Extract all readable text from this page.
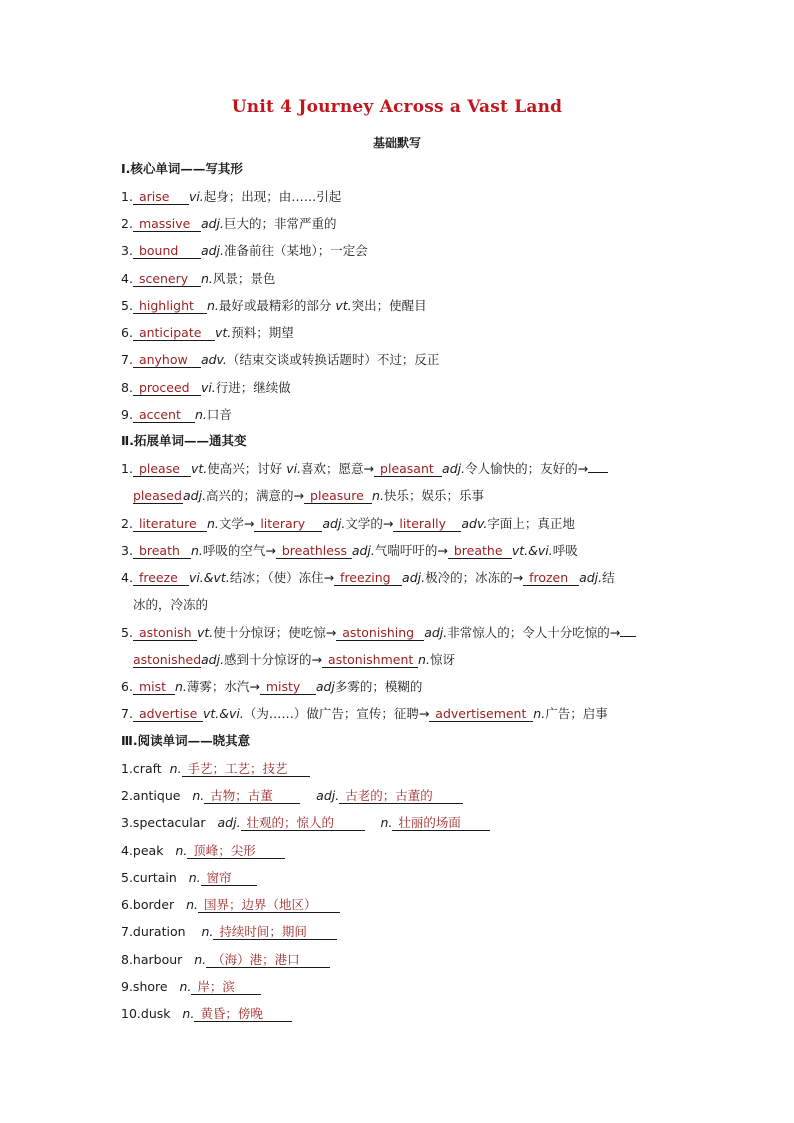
Unit 4 Journey Across a Vast Land
基础默写
Ⅰ.核心单词——写其形
1. arise vi.起身；出现；由……引起
2. massive adj.巨大的；非常严重的
3. bound adj.准备前往（某地）；一定会
4. scenery n.风景；景色
5. highlight n.最好或最精彩的部分 vt.突出；使醒目
6. anticipate vt.预料；期望
7. anyhow adv.（结束交谈或转换话题时）不过；反正
8. proceed vi.行进；继续做
9. accent n.口音
Ⅱ.拓展单词——通其变
1. please vt.使高兴；讨好 vi.喜欢；愿意→ pleasant adj.令人愉快的；友好的→
pleasedadj.高兴的；满意的→ pleasure n.快乐；娱乐；乐事
2. literature n.文学→ literary adj.文学的→ literally adv.字面上；真正地
3. breath n.呼吸的空气→ breathless adj.气喘吁吁的→ breathe vt.&vi.呼吸
4. freeze vi.&vt.结冰；（使）冻住→ freezing adj.极冷的；冰冻的→ frozen adj.结
冰的，冷冻的
5. astonish vt.使十分惊讶；使吃惊→ astonishing adj.非常惊人的；令人十分吃惊的→
astonishedadj.感到十分惊讶的→ astonishment n.惊讶
6. mist n.薄雾；水汽→ misty adj多雾的；模糊的
7. advertise vt.&vi.（为……）做广告；宣传；征聘→ advertisement n.广告；启事
Ⅲ.阅读单词——晓其意
1.craft n. 手艺；工艺；技艺
2.antique n. 古物；古董	adj. 古老的；古董的
3.spectacular adj. 壮观的；惊人的	n. 壮丽的场面
4.peak n. 顶峰；尖形
5.curtain n. 窗帘
6.border n. 国界；边界（地区）
7.duration n. 持续时间；期间
8.harbour n. （海）港；港口
9.shore n. 岸；滨
10.dusk n. 黄昏；傍晚
